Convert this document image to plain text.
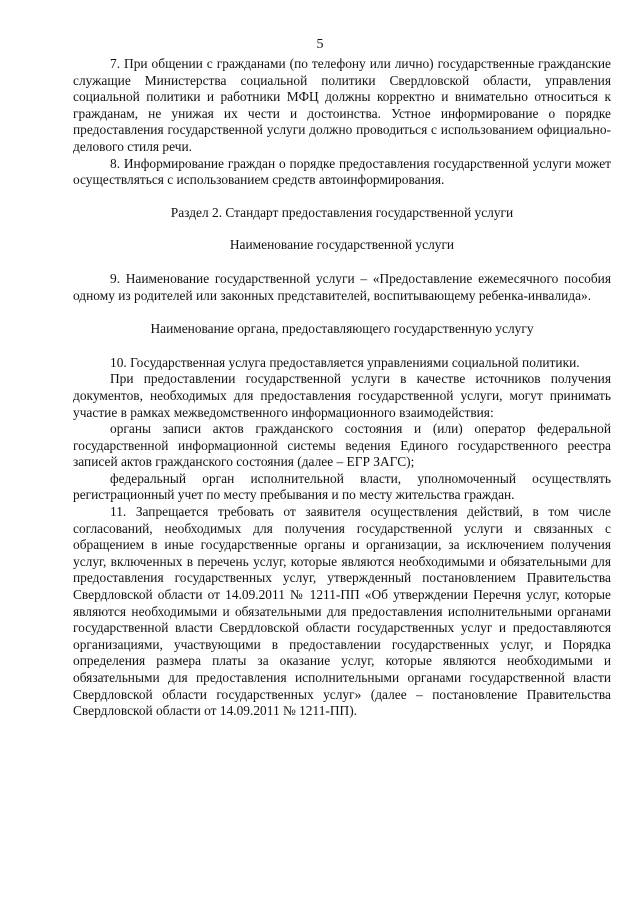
5

7. При общении с гражданами (по телефону или лично) государственные гражданские служащие Министерства социальной политики Свердловской области, управления социальной политики и работники МФЦ должны корректно и внимательно относиться к гражданам, не унижая их чести и достоинства. Устное информирование о порядке предоставления государственной услуги должно проводиться с использованием официально-делового стиля речи.

8. Информирование граждан о порядке предоставления государственной услуги может осуществляться с использованием средств автоинформирования.

Раздел 2. Стандарт предоставления государственной услуги

Наименование государственной услуги

9. Наименование государственной услуги – «Предоставление ежемесячного пособия одному из родителей или законных представителей, воспитывающему ребенка-инвалида».

Наименование органа, предоставляющего государственную услугу

10. Государственная услуга предоставляется управлениями социальной политики.

При предоставлении государственной услуги в качестве источников получения документов, необходимых для предоставления государственной услуги, могут принимать участие в рамках межведомственного информационного взаимодействия:

органы записи актов гражданского состояния и (или) оператор федеральной государственной информационной системы ведения Единого государственного реестра записей актов гражданского состояния (далее – ЕГР ЗАГС);

федеральный орган исполнительной власти, уполномоченный осуществлять регистрационный учет по месту пребывания и по месту жительства граждан.

11. Запрещается требовать от заявителя осуществления действий, в том числе согласований, необходимых для получения государственной услуги и связанных с обращением в иные государственные органы и организации, за исключением получения услуг, включенных в перечень услуг, которые являются необходимыми и обязательными для предоставления государственных услуг, утвержденный постановлением Правительства Свердловской области от 14.09.2011 № 1211-ПП «Об утверждении Перечня услуг, которые являются необходимыми и обязательными для предоставления исполнительными органами государственной власти Свердловской области государственных услуг и предоставляются организациями, участвующими в предоставлении государственных услуг, и Порядка определения размера платы за оказание услуг, которые являются необходимыми и обязательными для предоставления исполнительными органами государственной власти Свердловской области государственных услуг» (далее – постановление Правительства Свердловской области от 14.09.2011 № 1211-ПП).
